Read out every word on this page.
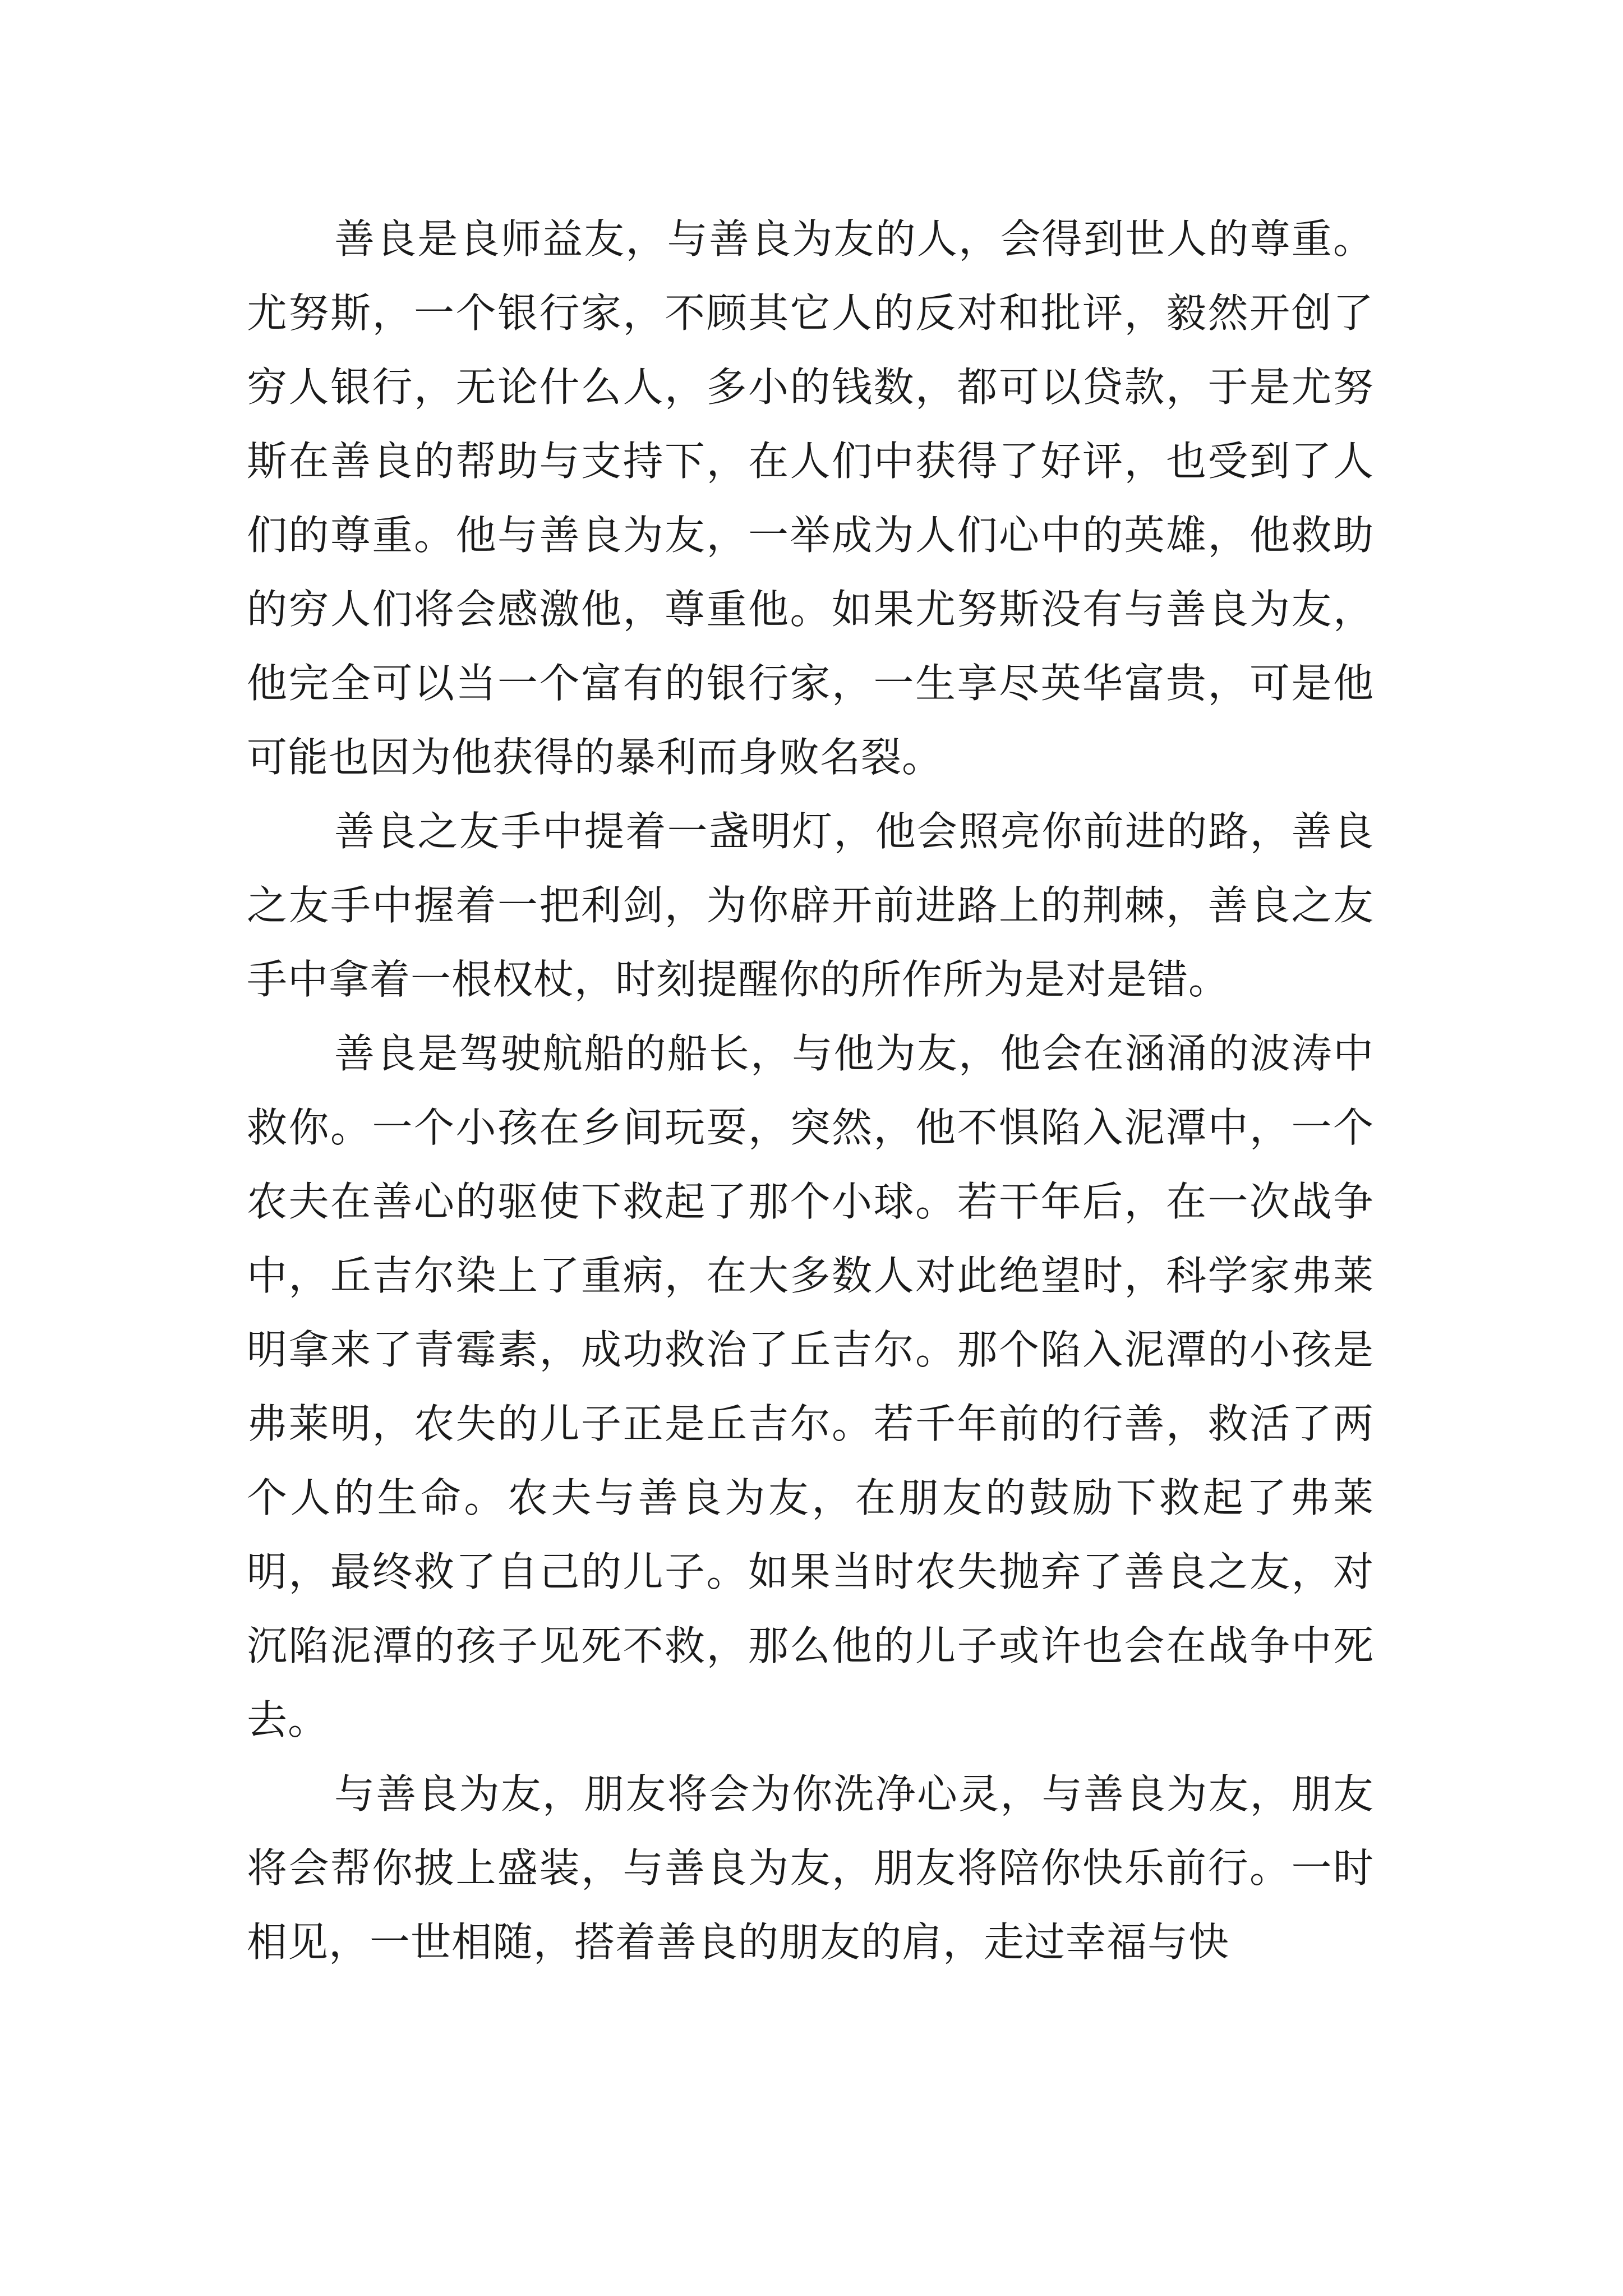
善良是良师益友，与善良为友的人，会得到世人的尊重。尤努斯，一个银行家，不顾其它人的反对和批评，毅然开创了穷人银行，无论什么人，多小的钱数，都可以贷款，于是尤努斯在善良的帮助与支持下，在人们中获得了好评，也受到了人们的尊重。他与善良为友，一举成为人们心中的英雄，他救助的穷人们将会感激他，尊重他。如果尤努斯没有与善良为友，他完全可以当一个富有的银行家，一生享尽英华富贵，可是他可能也因为他获得的暴利而身败名裂。

善良之友手中提着一盏明灯，他会照亮你前进的路，善良之友手中握着一把利剑，为你辟开前进路上的荆棘，善良之友手中拿着一根权杖，时刻提醒你的所作所为是对是错。

善良是驾驶航船的船长，与他为友，他会在涵涌的波涛中救你。一个小孩在乡间玩耍，突然，他不惧陷入泥潭中，一个农夫在善心的驱使下救起了那个小球。若干年后，在一次战争中，丘吉尔染上了重病，在大多数人对此绝望时，科学家弗莱明拿来了青霉素，成功救治了丘吉尔。那个陷入泥潭的小孩是弗莱明，农失的儿子正是丘吉尔。若千年前的行善，救活了两个人的生命。农夫与善良为友，在朋友的鼓励下救起了弗莱明，最终救了自己的儿子。如果当时农失抛弃了善良之友，对沉陷泥潭的孩子见死不救，那么他的儿子或许也会在战争中死去。

与善良为友，朋友将会为你洗净心灵，与善良为友，朋友将会帮你披上盛装，与善良为友，朋友将陪你快乐前行。一时相见，一世相随，搭着善良的朋友的肩，走过幸福与快
